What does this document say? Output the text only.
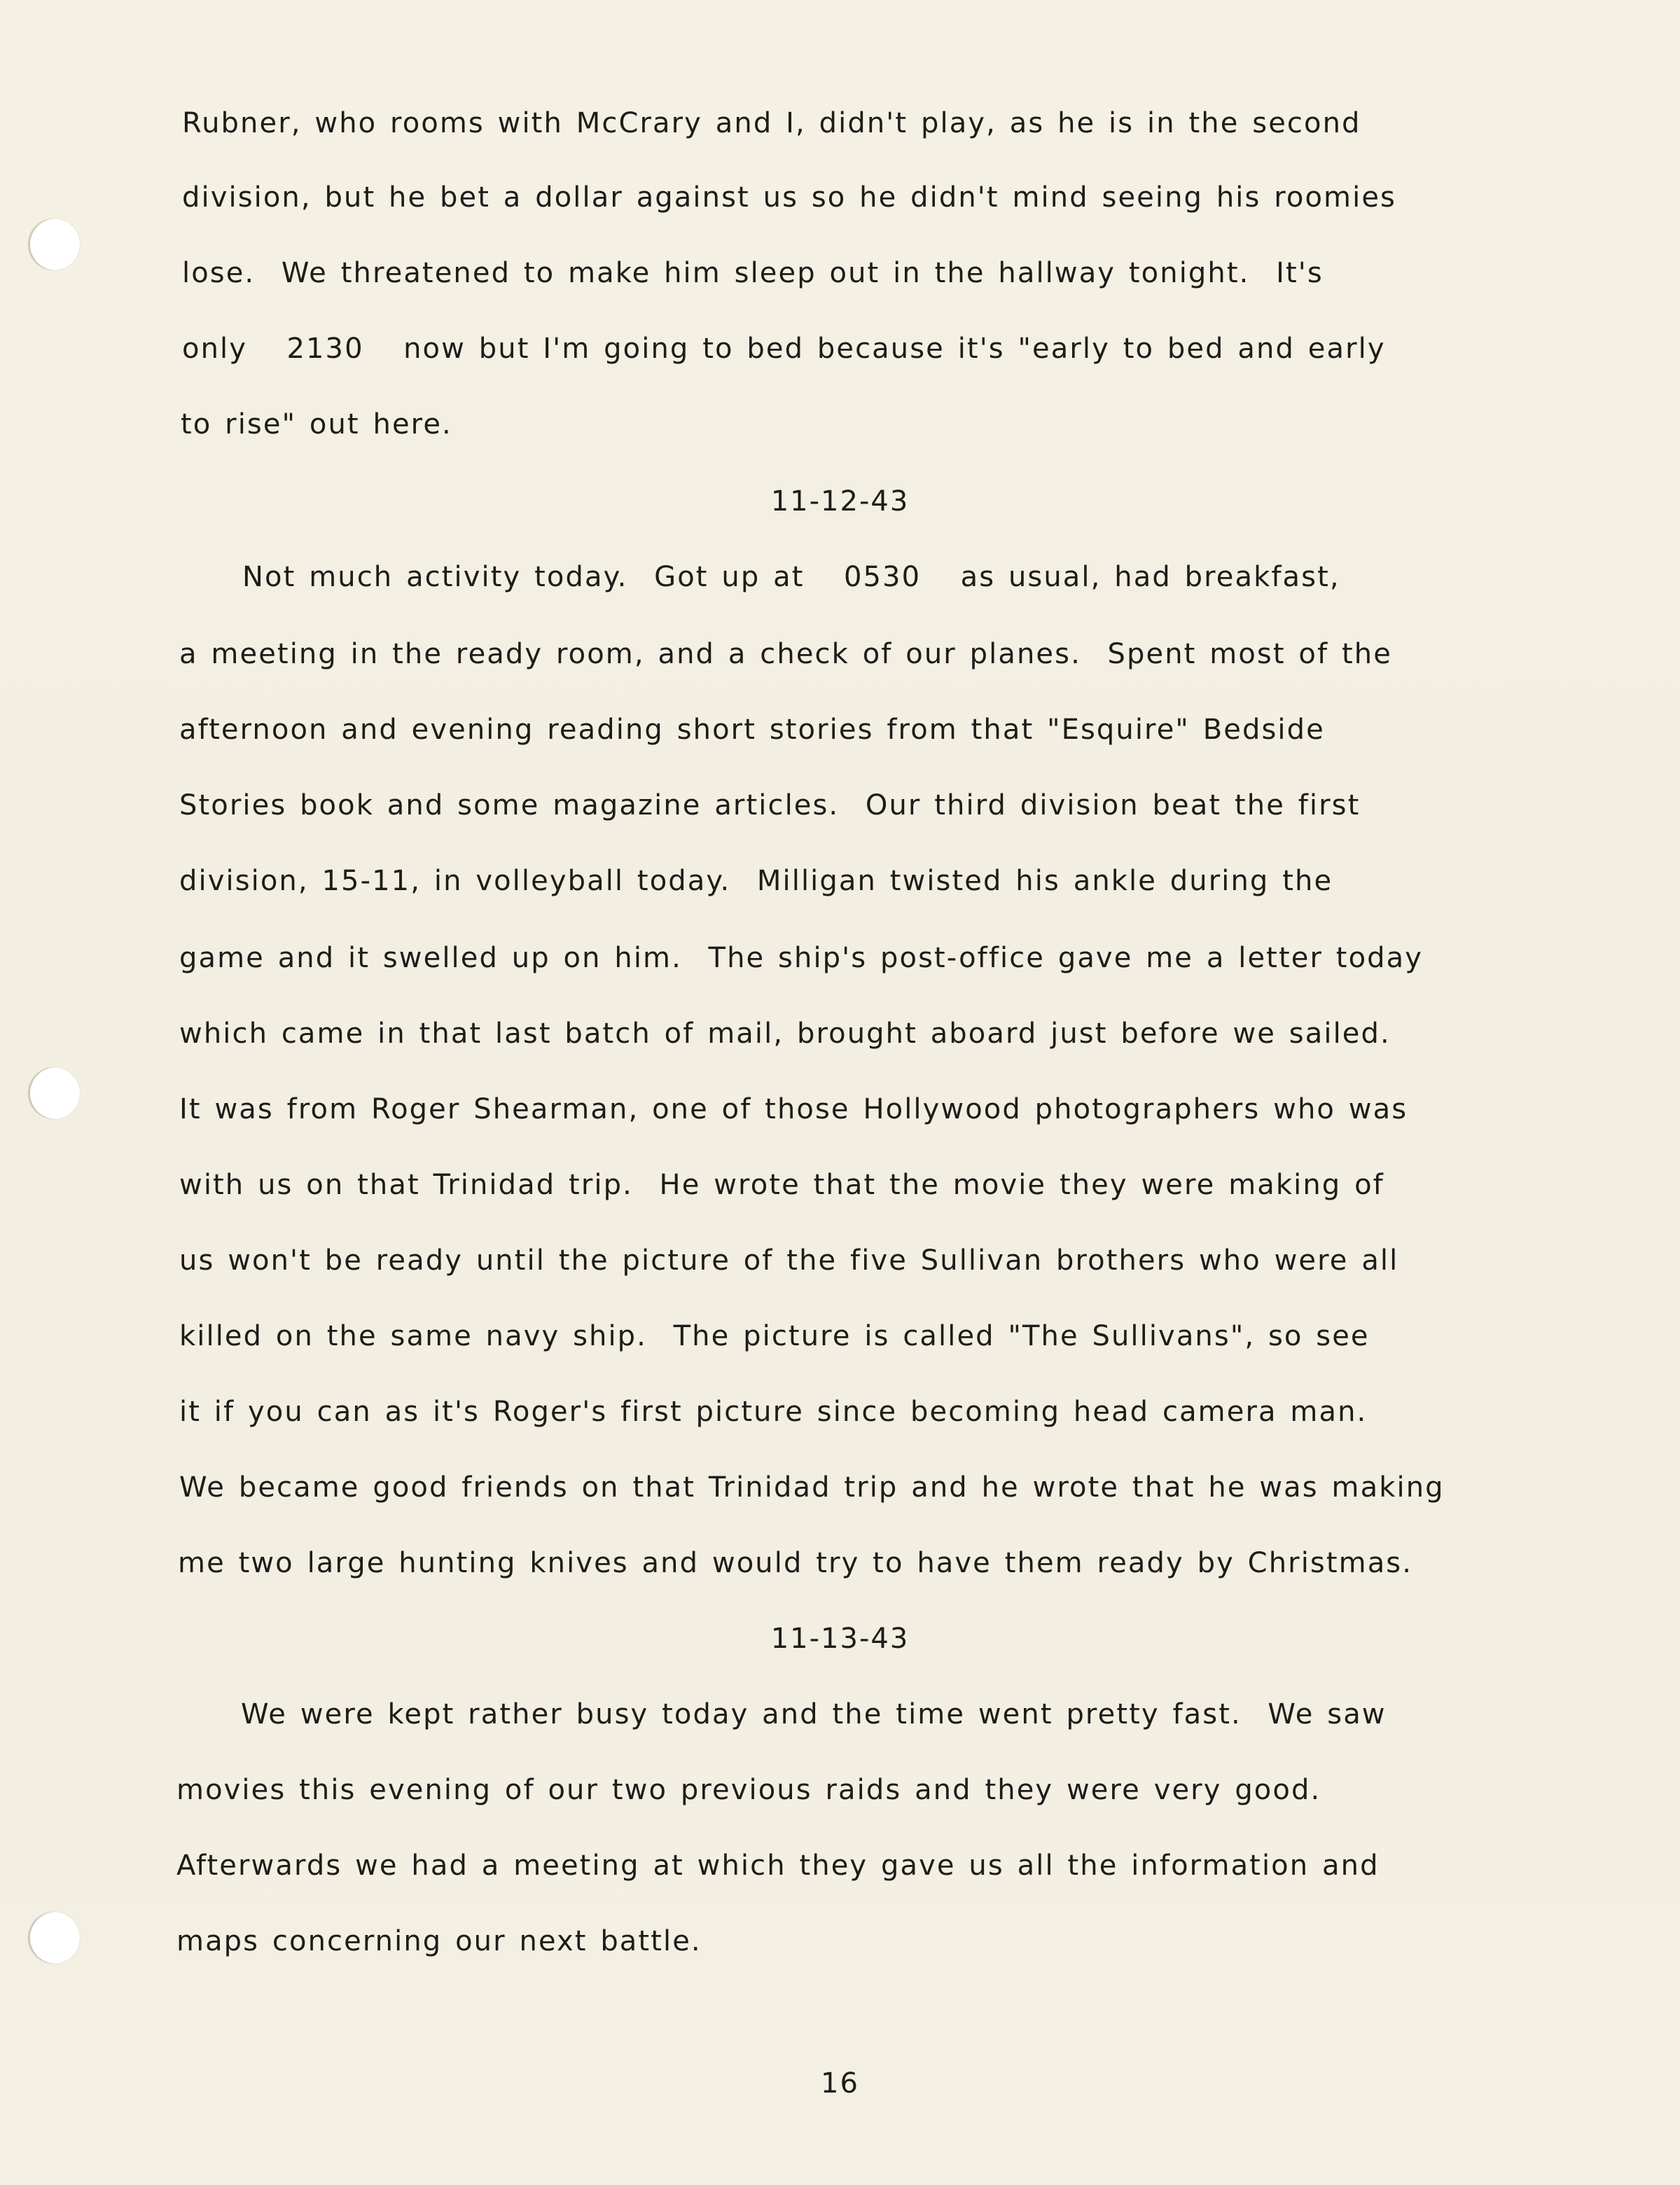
Rubner, who rooms with McCrary and I, didn't play, as he is in the second
division, but he bet a dollar against us so he didn't mind seeing his roomies
lose.  We threatened to make him sleep out in the hallway tonight.  It's
only   2130   now but I'm going to bed because it's "early to bed and early
to rise" out here.
11-12-43
Not much activity today.  Got up at   0530   as usual, had breakfast,
a meeting in the ready room, and a check of our planes.  Spent most of the
afternoon and evening reading short stories from that "Esquire" Bedside
Stories book and some magazine articles.  Our third division beat the first
division, 15-11, in volleyball today.  Milligan twisted his ankle during the
game and it swelled up on him.  The ship's post-office gave me a letter today
which came in that last batch of mail, brought aboard just before we sailed.
It was from Roger Shearman, one of those Hollywood photographers who was
with us on that Trinidad trip.  He wrote that the movie they were making of
us won't be ready until the picture of the five Sullivan brothers who were all
killed on the same navy ship.  The picture is called "The Sullivans", so see
it if you can as it's Roger's first picture since becoming head camera man.
We became good friends on that Trinidad trip and he wrote that he was making
me two large hunting knives and would try to have them ready by Christmas.
11-13-43
We were kept rather busy today and the time went pretty fast.  We saw
movies this evening of our two previous raids and they were very good.
Afterwards we had a meeting at which they gave us all the information and
maps concerning our next battle.
16
